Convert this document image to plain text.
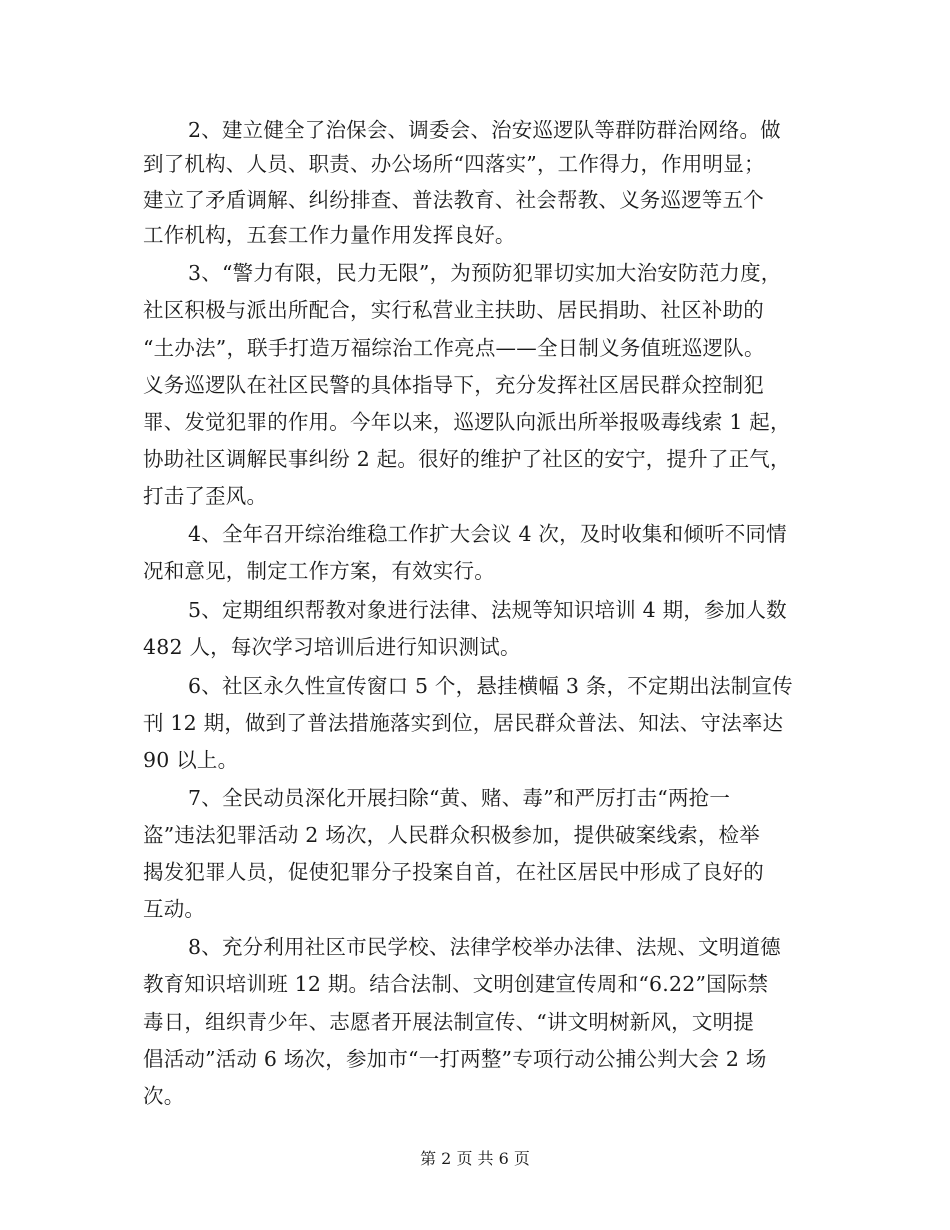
2、建立健全了治保会、调委会、治安巡逻队等群防群治网络。做
到了机构、人员、职责、办公场所“四落实”，工作得力，作用明显；
建立了矛盾调解、纠纷排查、普法教育、社会帮教、义务巡逻等五个
工作机构，五套工作力量作用发挥良好。
3、“警力有限，民力无限”，为预防犯罪切实加大治安防范力度，
社区积极与派出所配合，实行私营业主扶助、居民捐助、社区补助的
“土办法”，联手打造万福综治工作亮点——全日制义务值班巡逻队。
义务巡逻队在社区民警的具体指导下，充分发挥社区居民群众控制犯
罪、发觉犯罪的作用。今年以来，巡逻队向派出所举报吸毒线索 1 起，
协助社区调解民事纠纷 2 起。很好的维护了社区的安宁，提升了正气，
打击了歪风。
4、全年召开综治维稳工作扩大会议 4 次，及时收集和倾听不同情
况和意见，制定工作方案，有效实行。
5、定期组织帮教对象进行法律、法规等知识培训 4 期，参加人数
482 人，每次学习培训后进行知识测试。
6、社区永久性宣传窗口 5 个，悬挂横幅 3 条，不定期出法制宣传
刊 12 期，做到了普法措施落实到位，居民群众普法、知法、守法率达
90 以上。
7、全民动员深化开展扫除“黄、赌、毒”和严厉打击“两抢一
盗”违法犯罪活动 2 场次，人民群众积极参加，提供破案线索，检举
揭发犯罪人员，促使犯罪分子投案自首，在社区居民中形成了良好的
互动。
8、充分利用社区市民学校、法律学校举办法律、法规、文明道德
教育知识培训班 12 期。结合法制、文明创建宣传周和“6.22”国际禁
毒日，组织青少年、志愿者开展法制宣传、“讲文明树新风，文明提
倡活动”活动 6 场次，参加市“一打两整”专项行动公捕公判大会 2 场
次。
第 2 页 共 6 页
